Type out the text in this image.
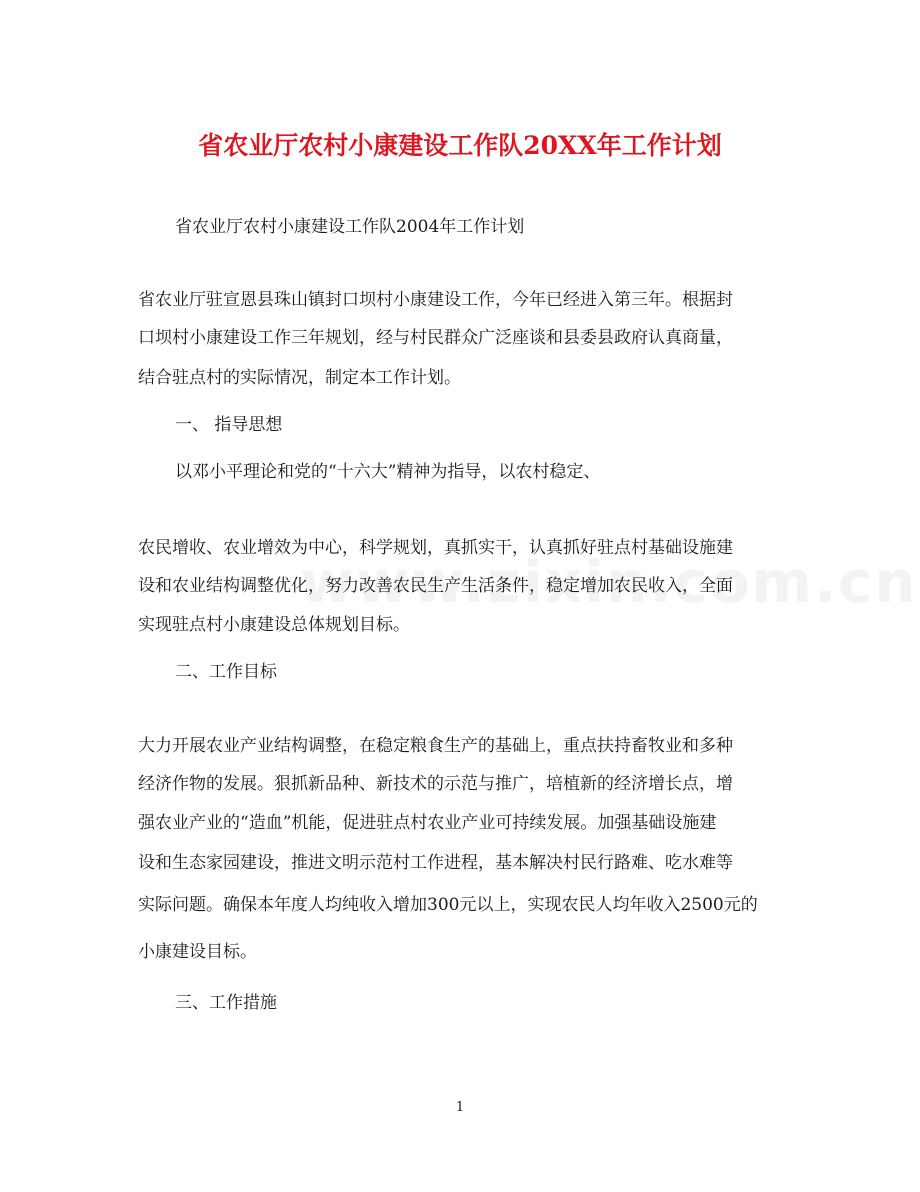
省农业厅农村小康建设工作队20XX年工作计划
省农业厅农村小康建设工作队2004年工作计划
省农业厅驻宣恩县珠山镇封口坝村小康建设工作，今年已经进入第三年。根据封
口坝村小康建设工作三年规划，经与村民群众广泛座谈和县委县政府认真商量，
结合驻点村的实际情况，制定本工作计划。
一、 指导思想
以邓小平理论和党的“十六大”精神为指导，以农村稳定、
农民增收、农业增效为中心，科学规划，真抓实干，认真抓好驻点村基础设施建
设和农业结构调整优化，努力改善农民生产生活条件，稳定增加农民收入，全面
实现驻点村小康建设总体规划目标。
二、工作目标
大力开展农业产业结构调整，在稳定粮食生产的基础上，重点扶持畜牧业和多种
经济作物的发展。狠抓新品种、新技术的示范与推广，培植新的经济增长点，增
强农业产业的“造血”机能，促进驻点村农业产业可持续发展。加强基础设施建
设和生态家园建设，推进文明示范村工作进程，基本解决村民行路难、吃水难等
实际问题。确保本年度人均纯收入增加300元以上，实现农民人均年收入2500元的
小康建设目标。
三、工作措施
1
